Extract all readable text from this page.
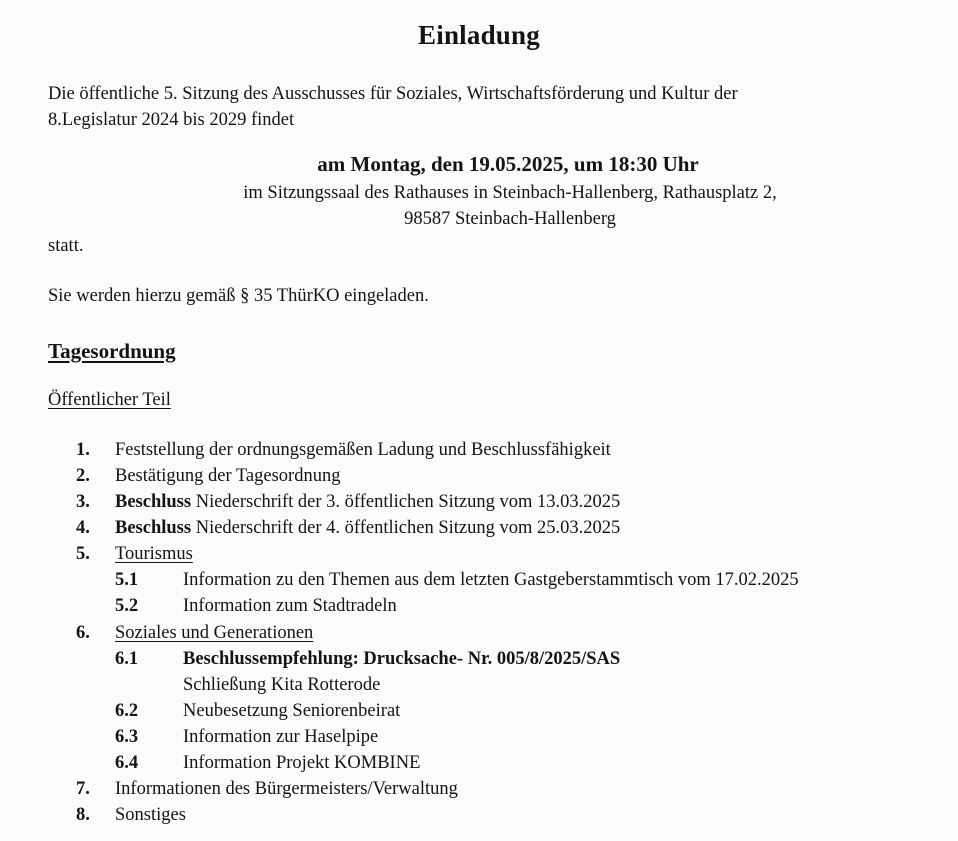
Einladung
Die öffentliche 5. Sitzung des Ausschusses für Soziales, Wirtschaftsförderung und Kultur der
8.Legislatur 2024 bis 2029 findet
am Montag, den 19.05.2025, um 18:30 Uhr
im Sitzungssaal des Rathauses in Steinbach-Hallenberg, Rathausplatz 2,
98587 Steinbach-Hallenberg
statt.
Sie werden hierzu gemäß § 35 ThürKO eingeladen.
Tagesordnung
Öffentlicher Teil
1. Feststellung der ordnungsgemäßen Ladung und Beschlussfähigkeit
2. Bestätigung der Tagesordnung
3. Beschluss Niederschrift der 3. öffentlichen Sitzung vom 13.03.2025
4. Beschluss Niederschrift der 4. öffentlichen Sitzung vom 25.03.2025
5. Tourismus
5.1 Information zu den Themen aus dem letzten Gastgeberstammtisch vom 17.02.2025
5.2 Information zum Stadtradeln
6. Soziales und Generationen
6.1 Beschlussempfehlung: Drucksache- Nr. 005/8/2025/SAS
Schließung Kita Rotterode
6.2 Neubesetzung Seniorenbeirat
6.3 Information zur Haselpipe
6.4 Information Projekt KOMBINE
7. Informationen des Bürgermeisters/Verwaltung
8. Sonstiges
